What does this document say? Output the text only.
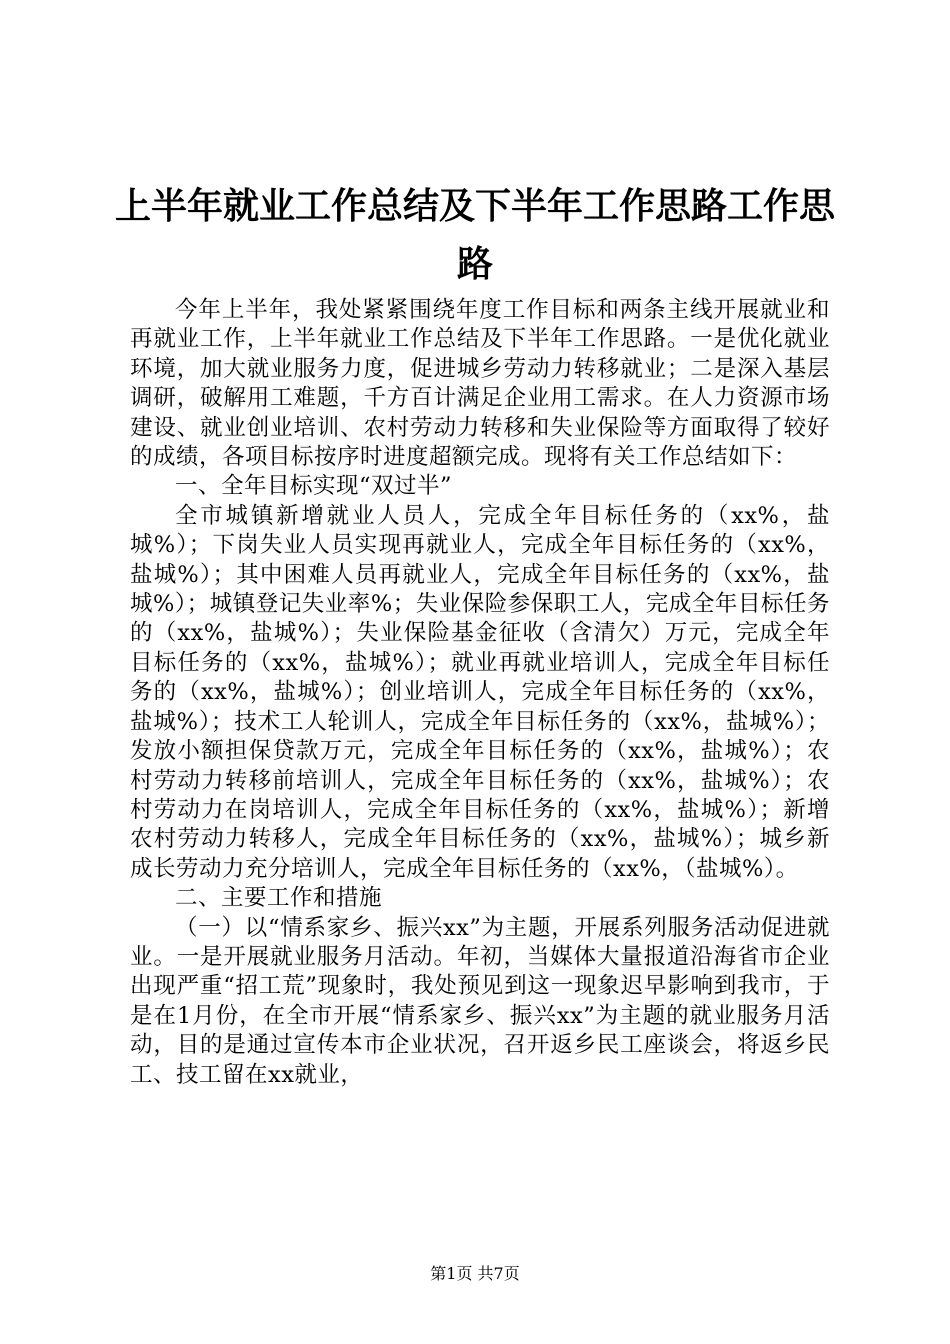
上半年就业工作总结及下半年工作思路工作思路

今年上半年，我处紧紧围绕年度工作目标和两条主线开展就业和再就业工作，上半年就业工作总结及下半年工作思路。一是优化就业环境，加大就业服务力度，促进城乡劳动力转移就业；二是深入基层调研，破解用工难题，千方百计满足企业用工需求。在人力资源市场建设、就业创业培训、农村劳动力转移和失业保险等方面取得了较好的成绩，各项目标按序时进度超额完成。现将有关工作总结如下：

一、全年目标实现“双过半”

全市城镇新增就业人员人，完成全年目标任务的（xx%，盐城%）；下岗失业人员实现再就业人，完成全年目标任务的（xx%，盐城%）；其中困难人员再就业人，完成全年目标任务的（xx%，盐城%）；城镇登记失业率%；失业保险参保职工人，完成全年目标任务的（xx%，盐城%）；失业保险基金征收（含清欠）万元，完成全年目标任务的（xx%，盐城%）；就业再就业培训人，完成全年目标任务的（xx%，盐城%）；创业培训人，完成全年目标任务的（xx%，盐城%）；技术工人轮训人，完成全年目标任务的（xx%，盐城%）；发放小额担保贷款万元，完成全年目标任务的（xx%，盐城%）；农村劳动力转移前培训人，完成全年目标任务的（xx%，盐城%）；农村劳动力在岗培训人，完成全年目标任务的（xx%，盐城%）；新增农村劳动力转移人，完成全年目标任务的（xx%，盐城%）；城乡新成长劳动力充分培训人，完成全年目标任务的（xx%，（盐城%）。

二、主要工作和措施

（一）以“情系家乡、振兴xx”为主题，开展系列服务活动促进就业。一是开展就业服务月活动。年初，当媒体大量报道沿海省市企业出现严重“招工荒”现象时，我处预见到这一现象迟早影响到我市，于是在1月份，在全市开展“情系家乡、振兴xx”为主题的就业服务月活动，目的是通过宣传本市企业状况，召开返乡民工座谈会，将返乡民工、技工留在xx就业，

第1页 共7页
